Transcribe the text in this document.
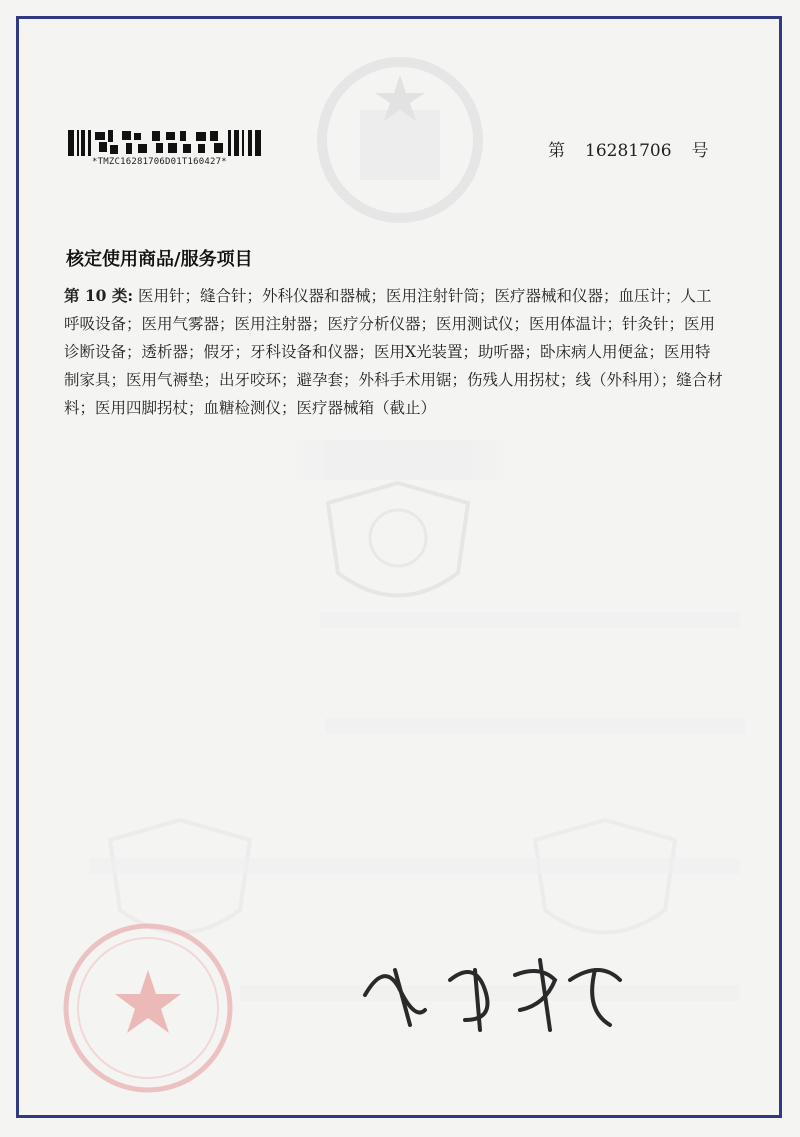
*TMZC16281706D01T160427*
第 16281706 号

核定使用商品/服务项目
第 10 类: 医用针；缝合针；外科仪器和器械；医用注射针筒；医疗器械和仪器；血压计；人工呼吸设备；医用气雾器；医用注射器；医疗分析仪器；医用测试仪；医用体温计；针灸针；医用诊断设备；透析器；假牙；牙科设备和仪器；医用X光装置；助听器；卧床病人用便盆；医用特制家具；医用气褥垫；出牙咬环；避孕套；外科手术用锯；伤残人用拐杖；线（外科用）；缝合材料；医用四脚拐杖；血糖检测仪；医疗器械箱（截止）
